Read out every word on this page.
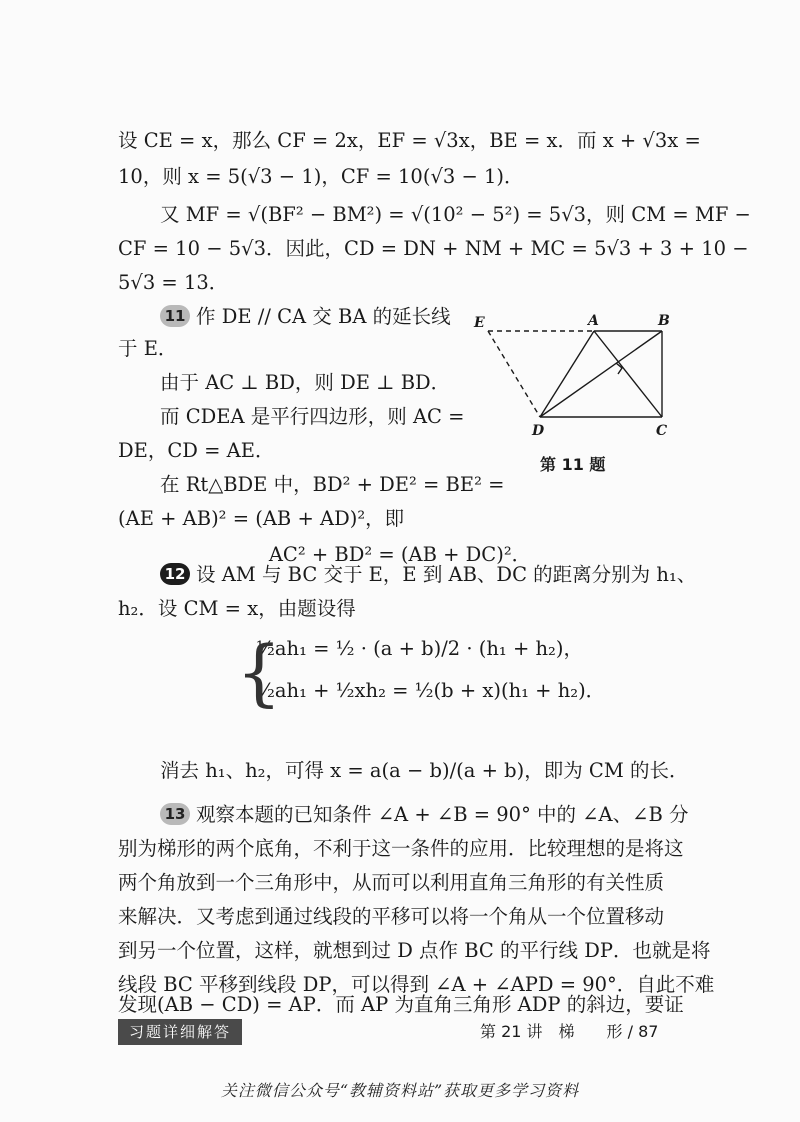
设 CE = x，那么 CF = 2x，EF = √3x，BE = x．而 x + √3x =
10，则 x = 5(√3 − 1)，CF = 10(√3 − 1)．
又 MF = √(BF² − BM²) = √(10² − 5²) = 5√3，则 CM = MF −
CF = 10 − 5√3．因此，CD = DN + NM + MC = 5√3 + 3 + 10 −
5√3 = 13．
11 作 DE // CA 交 BA 的延长线
于 E．
由于 AC ⊥ BD，则 DE ⊥ BD．
而 CDEA 是平行四边形，则 AC =
DE，CD = AE．
在 Rt△BDE 中，BD² + DE² = BE² =
(AE + AB)² = (AB + AD)²，即
AC² + BD² = (AB + DC)²．
E	A	B
D	C
第 11 题
12 设 AM 与 BC 交于 E，E 到 AB、DC 的距离分别为 h₁、
h₂．设 CM = x，由题设得
{
½ah₁ = ½ · (a + b)/2 · (h₁ + h₂)，
½ah₁ + ½xh₂ = ½(b + x)(h₁ + h₂)．
消去 h₁、h₂，可得 x = a(a − b)/(a + b)，即为 CM 的长．
13 观察本题的已知条件 ∠A + ∠B = 90° 中的 ∠A、∠B 分
别为梯形的两个底角，不利于这一条件的应用．比较理想的是将这
两个角放到一个三角形中，从而可以利用直角三角形的有关性质
来解决．又考虑到通过线段的平移可以将一个角从一个位置移动
到另一个位置，这样，就想到过 D 点作 BC 的平行线 DP．也就是将
线段 BC 平移到线段 DP，可以得到 ∠A + ∠APD = 90°．自此不难
习题详细解答	第 21 讲　梯　　形 / 87
关注微信公众号“教辅资料站”获取更多学习资料
发现(AB − CD) = AP．而 AP 为直角三角形 ADP 的斜边，要证
